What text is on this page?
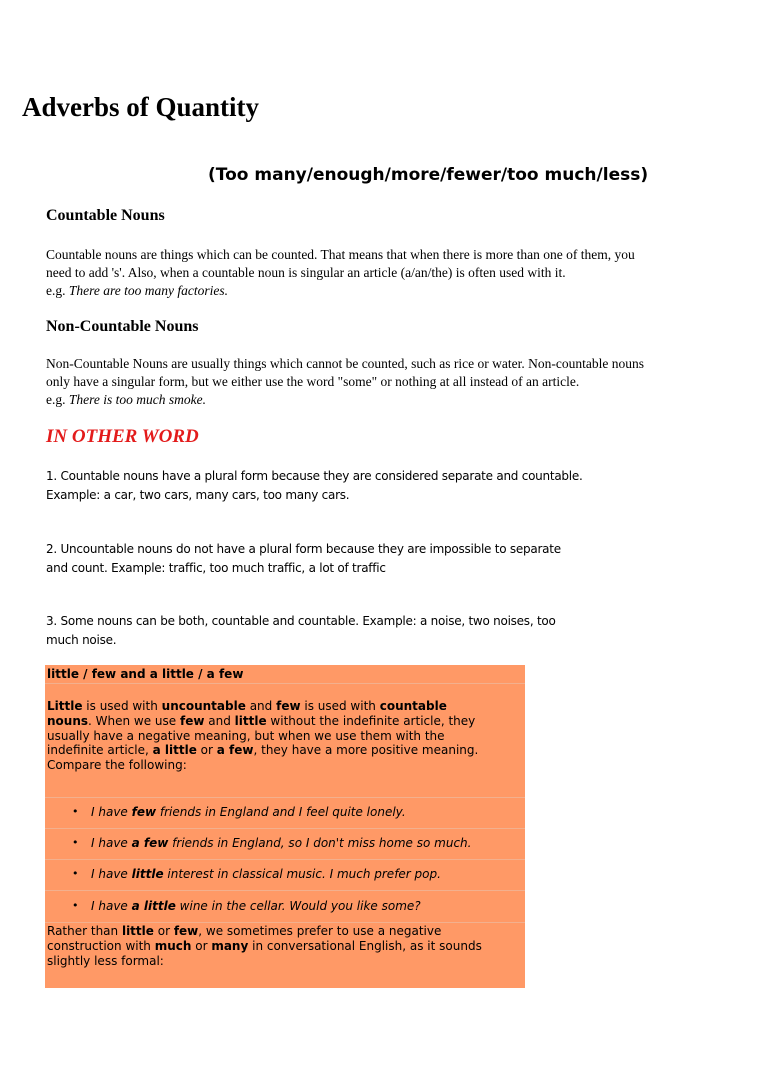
Adverbs of Quantity
(Too many/enough/more/fewer/too much/less)
Countable Nouns

Countable nouns are things which can be counted. That means that when there is more than one of them, you

need to add 's'. Also, when a countable noun is singular an article (a/an/the) is often used with it.

e.g. There are too many factories.

Non-Countable Nouns

Non-Countable Nouns are usually things which cannot be counted, such as rice or water. Non-countable nouns

only have a singular form, but we either use the word "some" or nothing at all instead of an article.

e.g. There is too much smoke.

IN OTHER WORD

1. Countable nouns have a plural form because they are considered separate and countable.

Example: a car, two cars, many cars, too many cars.

2. Uncountable nouns do not have a plural form because they are impossible to separate

and count. Example: traffic, too much traffic, a lot of traffic

3. Some nouns can be both, countable and countable. Example: a noise, two noises, too

much noise.

little / few and a little / a few
Little is used with uncountable and few is used with countable
nouns. When we use few and little without the indefinite article, they
usually have a negative meaning, but when we use them with the
indefinite article, a little or a few, they have a more positive meaning.
Compare the following:
• I have few friends in England and I feel quite lonely.
• I have a few friends in England, so I don't miss home so much.
• I have little interest in classical music. I much prefer pop.
• I have a little wine in the cellar. Would you like some?
Rather than little or few, we sometimes prefer to use a negative
construction with much or many in conversational English, as it sounds
slightly less formal:
